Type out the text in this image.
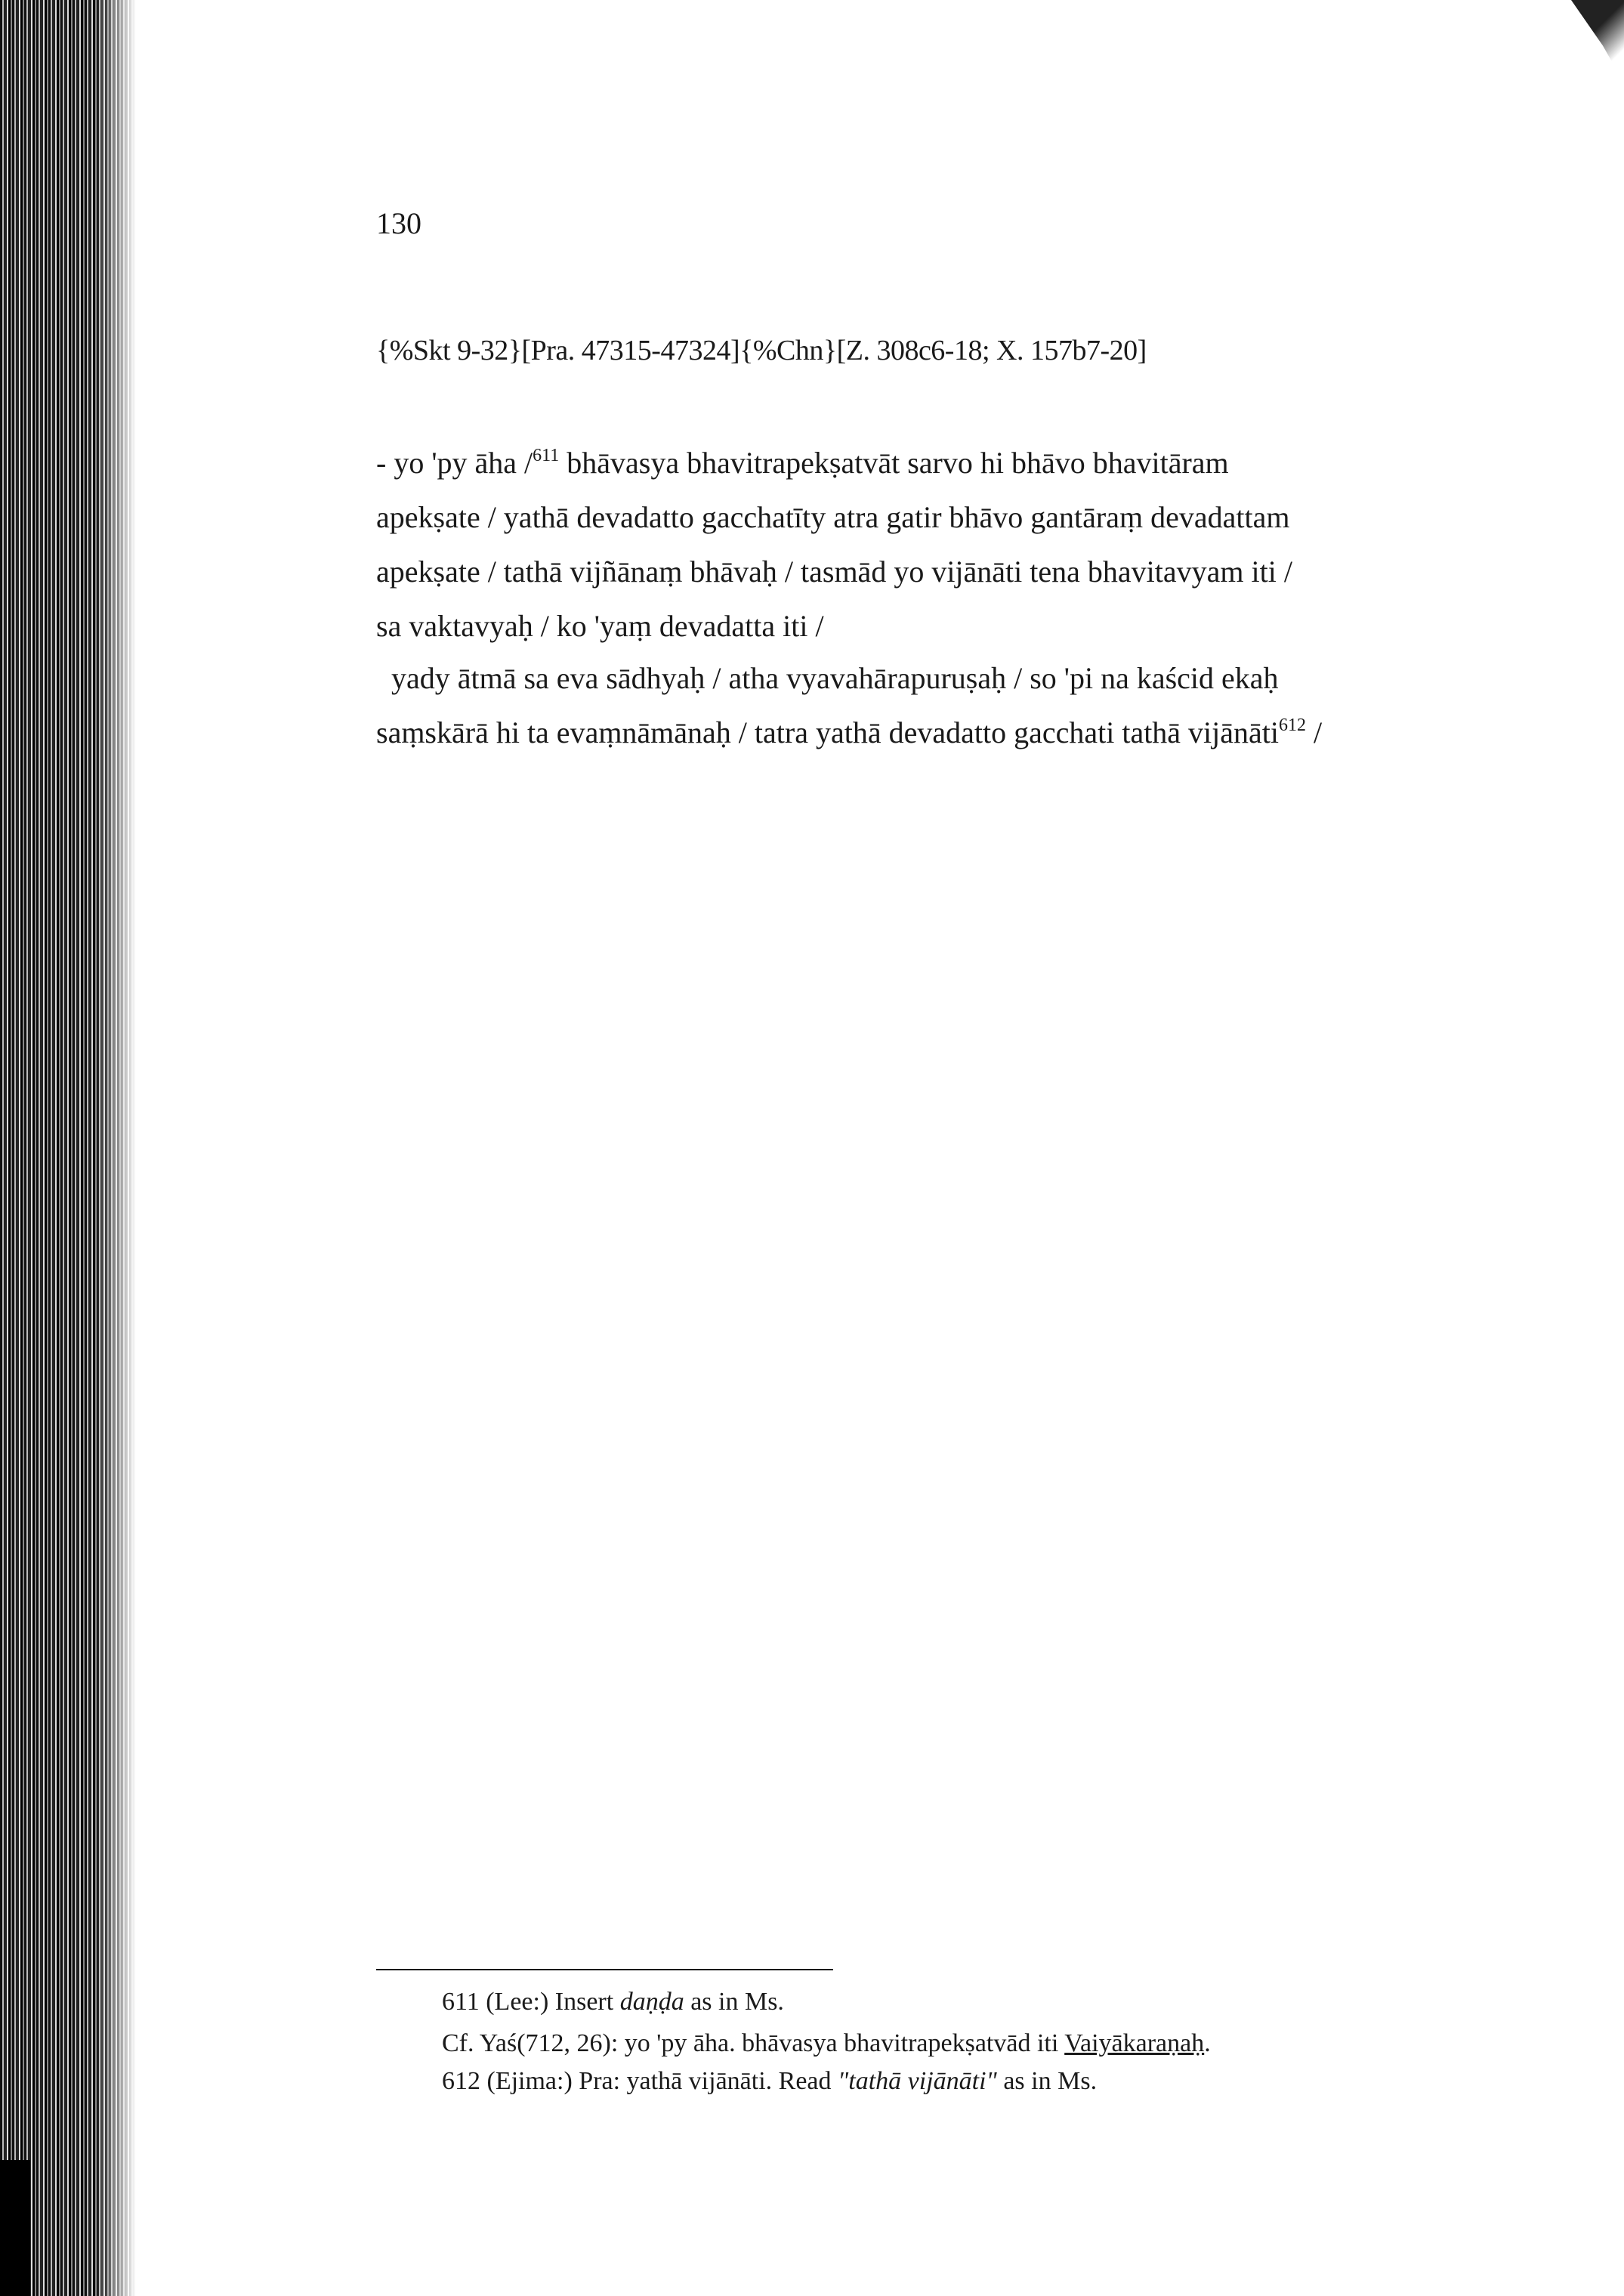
130
{%Skt 9-32}[Pra. 47315-47324]{%Chn}[Z. 308c6-18; X. 157b7-20]
- yo 'py āha /$^{611}$ bhāvasya bhavitrapekṣatvāt sarvo hi bhāvo bhavitāram
apekṣate / yathā devadatto gacchatīty atra gatir bhāvo gantāraṃ devadattam
apekṣate / tathā vijñānaṃ bhāvaḥ / tasmād yo vijānāti tena bhavitavyam iti /
sa vaktavyaḥ / ko 'yaṃ devadatta iti /
yady ātmā sa eva sādhyaḥ / atha vyavahārapuruṣaḥ / so 'pi na kaścid ekaḥ
saṃskārā hi ta evaṃnāmānaḥ / tatra yathā devadatto gacchati tathā vijānāti$^{612}$ /
611 (Lee:) Insert daṇḍa as in Ms.
Cf. Yaś(712, 26): yo 'py āha. bhāvasya bhavitrapekṣatvād iti Vaiyākaraṇaḥ.
612 (Ejima:) Pra: yathā vijānāti. Read "tathā vijānāti" as in Ms.
